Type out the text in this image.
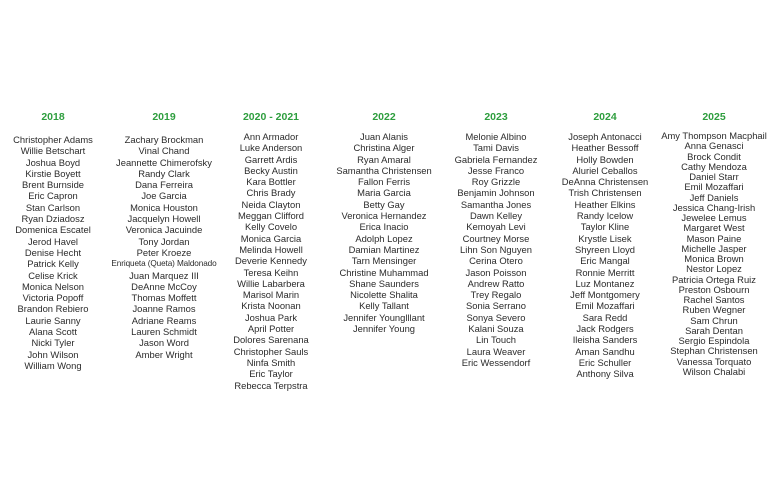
2018
Christopher Adams
Willie Betschart
Joshua Boyd
Kirstie Boyett
Brent Burnside
Eric Capron
Stan Carlson
Ryan Dziadosz
Domenica Escatel
Jerod Havel
Denise Hecht
Patrick Kelly
Celise Krick
Monica Nelson
Victoria Popoff
Brandon Rebiero
Laurie Sanny
Alana Scott
Nicki Tyler
John Wilson
William Wong
2019
Zachary Brockman
Vinal Chand
Jeannette Chimerofsky
Randy Clark
Dana Ferreira
Joe Garcia
Monica Houston
Jacquelyn Howell
Veronica Jacuinde
Tony Jordan
Peter Kroeze
Enriqueta (Queta) Maldonado
Juan Marquez III
DeAnne McCoy
Thomas Moffett
Joanne Ramos
Adriane Reams
Lauren Schmidt
Jason Word
Amber Wright
2020 - 2021
Ann Armador
Luke Anderson
Garrett Ardis
Becky Austin
Kara Bottler
Chris Brady
Neida Clayton
Meggan Clifford
Kelly Covelo
Monica Garcia
Melinda Howell
Deverie Kennedy
Teresa Keihn
Willie Labarbera
Marisol Marin
Krista Noonan
Joshua Park
April Potter
Dolores Sarenana
Christopher Sauls
Ninfa Smith
Eric Taylor
Rebecca Terpstra
2022
Juan Alanis
Christina Alger
Ryan Amaral
Samantha Christensen
Fallon Ferris
Maria Garcia
Betty Gay
Veronica Hernandez
Erica Inacio
Adolph Lopez
Damian Martinez
Tarn Mensinger
Christine Muhammad
Shane Saunders
Nicolette Shalita
Kelly Tallant
Jennifer Younglllant
Jennifer Young
2023
Melonie Albino
Tami Davis
Gabriela Fernandez
Jesse Franco
Roy Grizzle
Benjamin Johnson
Samantha Jones
Dawn Kelley
Kemoyah Levi
Courtney Morse
Lihn Son Nguyen
Cerina Otero
Jason Poisson
Andrew Ratto
Trey Regalo
Sonia Serrano
Sonya Severo
Kalani Souza
Lin Touch
Laura Weaver
Eric Wessendorf
2024
Joseph Antonacci
Heather Bessoff
Holly Bowden
Aluriel Ceballos
DeAnna Christensen
Trish Christensen
Heather Elkins
Randy Icelow
Taylor Kline
Krystle Lisek
Shyreen Lloyd
Eric Mangal
Ronnie Merritt
Luz Montanez
Jeff Montgomery
Emil Mozaffari
Sara Redd
Jack Rodgers
Ileisha Sanders
Aman Sandhu
Eric Schuller
Anthony Silva
2025
Amy Thompson Macphail
Anna Genasci
Brock Condit
Cathy Mendoza
Daniel Starr
Emil Mozaffari
Jeff Daniels
Jessica Chang-Irish
Jewelee Lemus
Margaret West
Mason Paine
Michelle Jasper
Monica Brown
Nestor Lopez
Patricia Ortega Ruiz
Preston Osbourn
Rachel Santos
Ruben Wegner
Sam Chrun
Sarah Dentan
Sergio Espindola
Stephan Christensen
Vanessa Torquato
Wilson Chalabi
